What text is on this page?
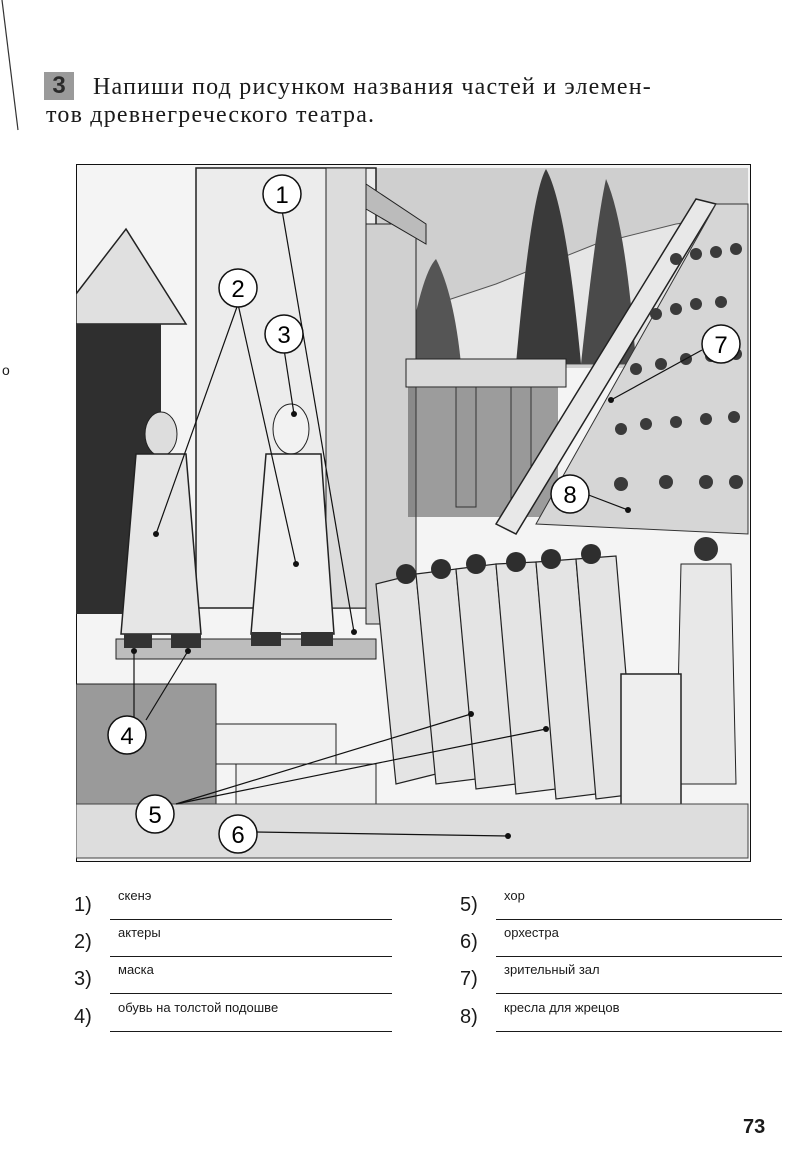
3	Напиши под рисунком названия частей и элемен-
тов древнегреческого театра.
o
1
2
3
4
5
6
7
8
1) скенэ
2) актеры
3) маска
4) обувь на толстой подошве
5) хор
6) орхестра
7) зрительный зал
8) кресла для жрецов
73
